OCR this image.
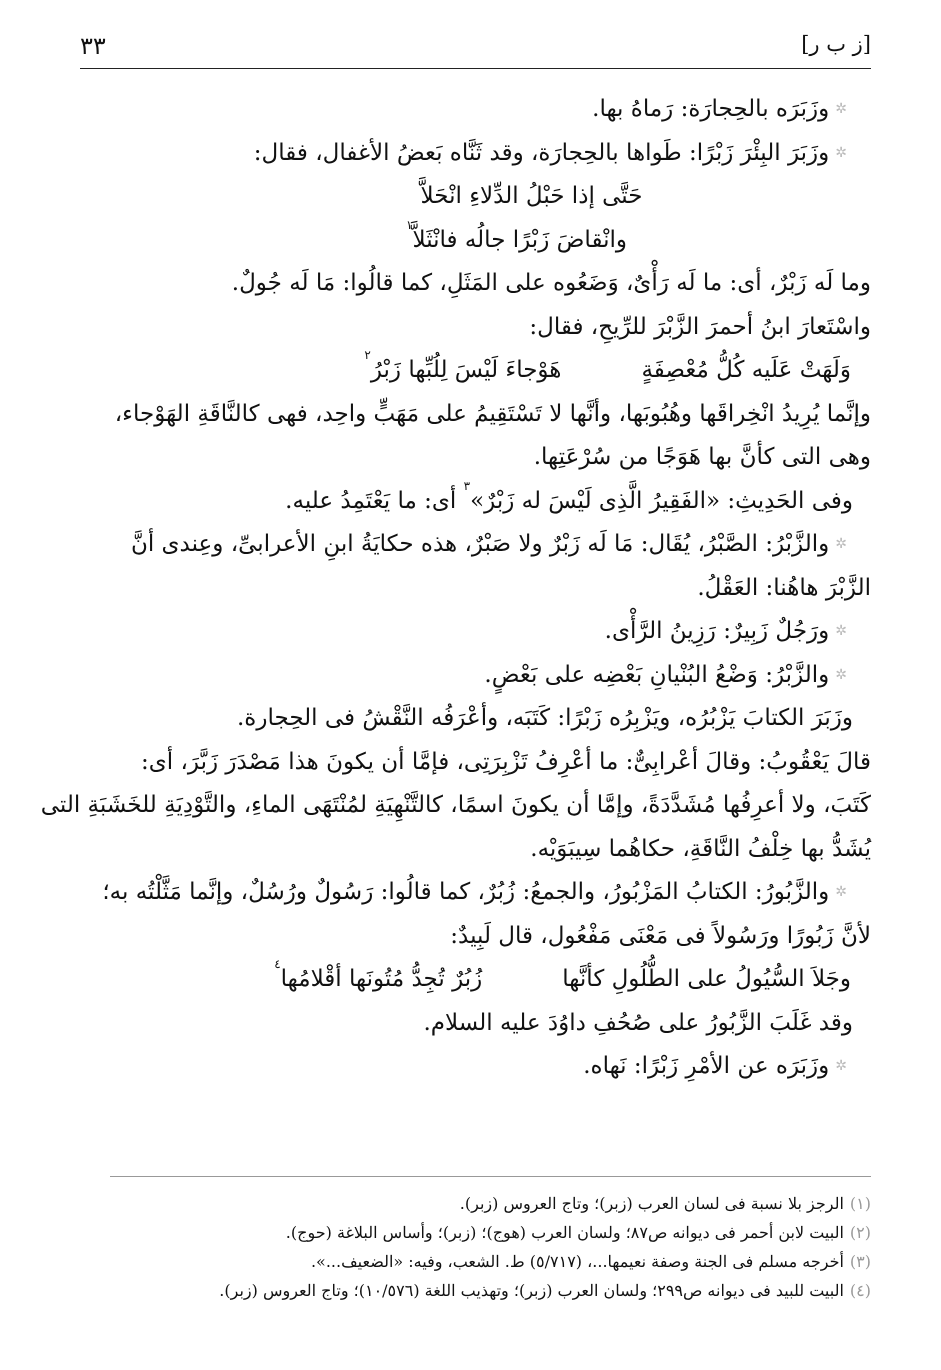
٣٣	[ز ب ر]
✲وزَبَرَه بالحِجارَة: رَماهُ بها.
✲وزَبَرَ البِئْرَ زَبْرًا: طَواها بالحِجارَة، وقد ثَنَّاه بَعضُ الأغفال، فقال:
حَتَّى إذا حَبْلُ الدِّلاءِ انْحَلاَّ
وانْقاضَ زَبْرًا جالُه فانْثَلاَّ$^١$
وما لَه زَبْرٌ، أى: ما لَه رَأْىٌ، وَضَعُوه على المَثَلِ، كما قالُوا: مَا لَه جُولٌ.
واسْتَعارَ ابنُ أحمرَ الزَّبْرَ للرِّيحِ، فقال:
وَلَهَتْ عَلَيه كُلُّ مُعْصِفَةٍ
هَوْجاءَ لَيْسَ لِلُبِّها زَبْرُ$^٢$
وإنَّما يُرِيدُ انْخِراقَها وهُبُوبَها، وأنَّها لا تَسْتَقِيمُ على مَهَبٍّ واحِد، فهى كالنَّاقَةِ الهَوْجاء،
وهى التى كأنَّ بها هَوَجًا من سُرْعَتِها.
وفى الحَدِيثِ: «الفَقِيرُ الَّذِى لَيْسَ له زَبْرٌ»$^٣$ أى: ما يَعْتَمِدُ عليه.
✲والزَّبْرُ: الصَّبْرُ، يُقَال: مَا لَه زَبْرٌ ولا صَبْرٌ، هذه حكايَةُ ابنِ الأعرابىِّ، وعِندى أنَّ
الزَّبْرَ هاهُنا: العَقْلُ.
✲ورَجُلٌ زَبِيرٌ: رَزِينُ الرَّأْى.
✲والزَّبْرُ: وَضْعُ البُنْيانِ بَعْضِه على بَعْضٍ.
وزَبَرَ الكتابَ يَزْبُرُه، ويَزْبِرُه زَبْرًا: كَتَبَه، وأعْرَفُه النَّقْشُ فى الحِجارة.
قالَ يَعْقُوبُ: وقالَ أعْرابِىٌّ: ما أعْرِفُ تَزْبِرَتِى، فإمَّا أن يكونَ هذا مَصْدَرَ زَبَّرَ، أى:
كَتَبَ، ولا أعرِفُها مُشَدَّدَةً، وإمَّا أن يكونَ اسمًا، كالتَّنْهِيَةِ لمُنْتَهَى الماءِ، والتَّوْدِيَةِ للخَشَبَةِ التى
يُشَدُّ بها خِلْفُ النَّاقَةِ، حكاهُما سِيبَوَيْه.
✲والزَّبُورُ: الكتابُ المَزْبُورُ، والجمعُ: زُبُرٌ، كما قالُوا: رَسُولٌ ورُسُلٌ، وإنَّما مَثَّلْتُه به؛
لأنَّ زَبُورًا ورَسُولاً فى مَعْنَى مَفْعُول، قال لَبِيدٌ:
وجَلاَ السُّيُولُ على الطُّلُولِ كأنَّها
زُبُرٌ تُجِدُّ مُتُونَها أقْلامُها$^٤$
وقد غَلَبَ الزَّبُورُ على صُحُفِ داوُدَ عليه السلام.
✲وزَبَرَه عن الأمْرِ زَبْرًا: نَهاه.
(١)الرجز بلا نسبة فى لسان العرب (زبر)؛ وتاج العروس (زبر).
(٢)البيت لابن أحمر فى ديوانه ص٨٧؛ ولسان العرب (هوج)؛ (زبر)؛ وأساس البلاغة (حوج).
(٣)أخرجه مسلم فى الجنة وصفة نعيمها...، (٥/٧١٧) ط. الشعب، وفيه: «الضعيف...».
(٤)البيت للبيد فى ديوانه ص٢٩٩؛ ولسان العرب (زبر)؛ وتهذيب اللغة (١٠/٥٧٦)؛ وتاج العروس (زبر).
